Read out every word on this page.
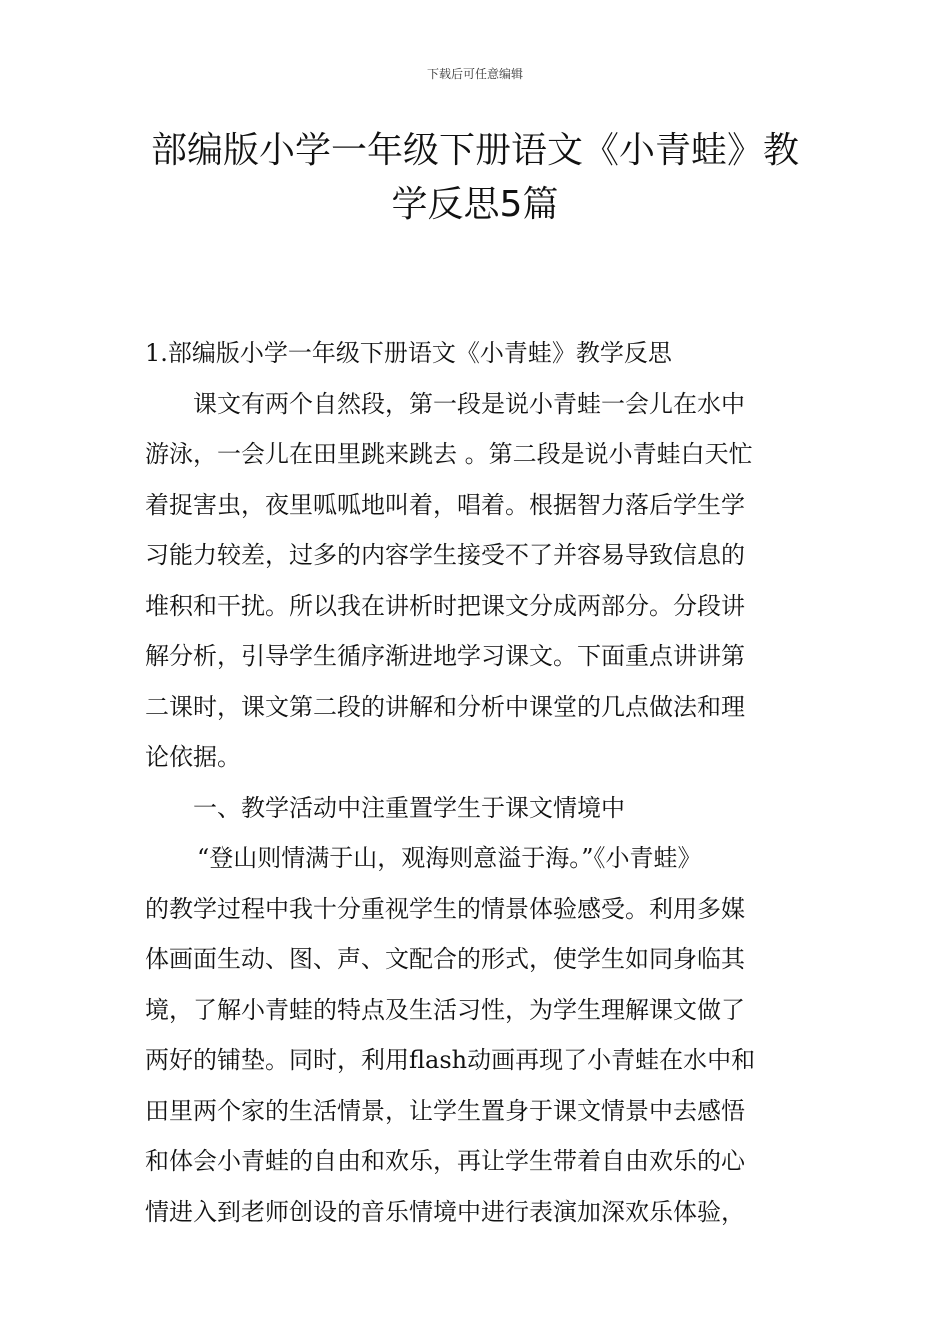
下载后可任意编辑
部编版小学一年级下册语文《小青蛙》教
学反思5篇
1.部编版小学一年级下册语文《小青蛙》教学反思
课文有两个自然段，第一段是说小青蛙一会儿在水中
游泳，一会儿在田里跳来跳去 。第二段是说小青蛙白天忙
着捉害虫，夜里呱呱地叫着，唱着。根据智力落后学生学
习能力较差，过多的内容学生接受不了并容易导致信息的
堆积和干扰。所以我在讲析时把课文分成两部分。分段讲
解分析，引导学生循序渐进地学习课文。下面重点讲讲第
二课时，课文第二段的讲解和分析中课堂的几点做法和理
论依据。
一、教学活动中注重置学生于课文情境中
“登山则情满于山，观海则意溢于海。”《小青蛙》
的教学过程中我十分重视学生的情景体验感受。利用多媒
体画面生动、图、声、文配合的形式，使学生如同身临其
境，了解小青蛙的特点及生活习性，为学生理解课文做了
两好的铺垫。同时，利用flash动画再现了小青蛙在水中和
田里两个家的生活情景，让学生置身于课文情景中去感悟
和体会小青蛙的自由和欢乐，再让学生带着自由欢乐的心
情进入到老师创设的音乐情境中进行表演加深欢乐体验，
